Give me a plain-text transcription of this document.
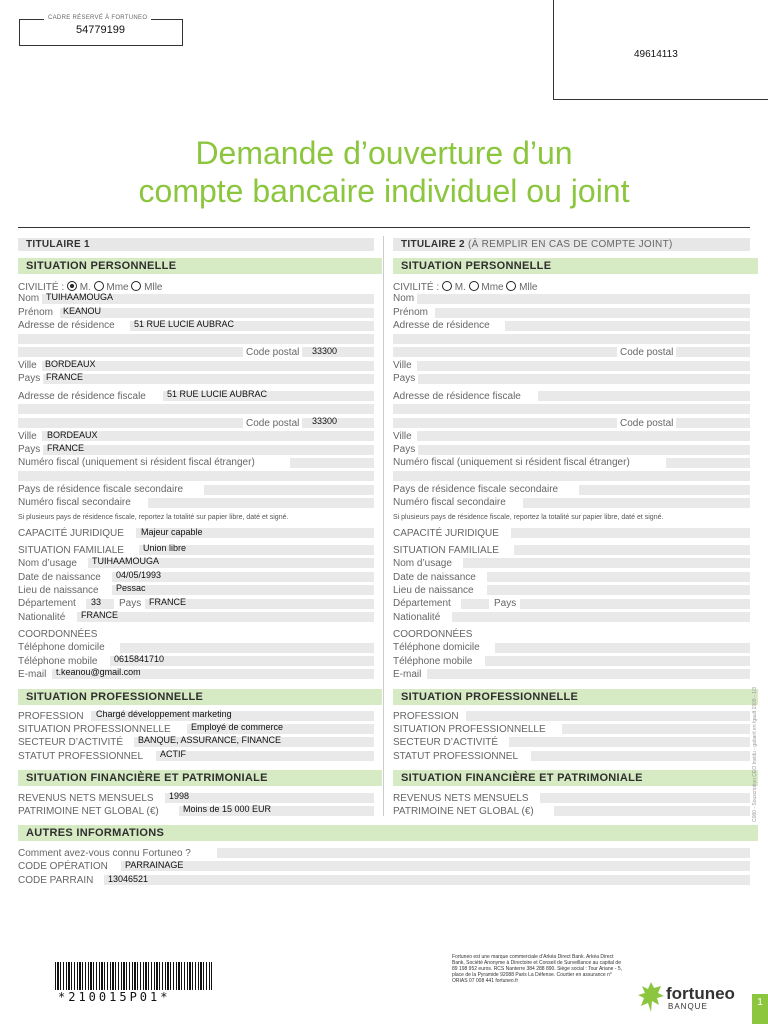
CADRE RÉSERVÉ À FORTUNEO
54779199
49614113
Demande d’ouverture d’un
compte bancaire individuel ou joint
TITULAIRE 1
SITUATION PERSONNELLE
CIVILITÉ : M. Mme Mlle
Nom TUIHAAMOUGA
Prénom	KEANOU
Adresse de résidence	51 RUE LUCIE AUBRAC
Code postal	33300
Ville BORDEAUX
Pays FRANCE
Adresse de résidence fiscale	51 RUE LUCIE AUBRAC
Code postal	33300
Ville	BORDEAUX
Pays FRANCE
Numéro fiscal (uniquement si résident fiscal étranger)
Pays de résidence fiscale secondaire
Numéro fiscal secondaire
Si plusieurs pays de résidence fiscale, reportez la totalité sur papier libre, daté et signé.
CAPACITÉ JURIDIQUE	Majeur capable
SITUATION FAMILIALE	Union libre
Nom d’usage	TUIHAAMOUGA
Date de naissance	04/05/1993
Lieu de naissance	Pessac
Département	33 Pays FRANCE
Nationalité	FRANCE
COORDONNÉES
Téléphone domicile
Téléphone mobile	0615841710
E-mail	t.keanou@gmail.com
SITUATION PROFESSIONNELLE
PROFESSION	Chargé développement marketing
SITUATION PROFESSIONNELLE	Employé de commerce
SECTEUR D’ACTIVITÉ	BANQUE, ASSURANCE, FINANCE
STATUT PROFESSIONNEL	ACTIF
SITUATION FINANCIÈRE ET PATRIMONIALE
REVENUS NETS MENSUELS	1998
PATRIMOINE NET GLOBAL (€)	Moins de 15 000 EUR
TITULAIRE 2 (À REMPLIR EN CAS DE COMPTE JOINT)
SITUATION PERSONNELLE
CIVILITÉ : M. Mme Mlle
Nom
Prénom
Adresse de résidence
Code postal
Ville
Pays
Adresse de résidence fiscale
Code postal
Ville
Pays
Numéro fiscal (uniquement si résident fiscal étranger)
Pays de résidence fiscale secondaire
Numéro fiscal secondaire
Si plusieurs pays de résidence fiscale, reportez la totalité sur papier libre, daté et signé.
CAPACITÉ JURIDIQUE
SITUATION FAMILIALE
Nom d’usage
Date de naissance
Lieu de naissance
Département	Pays
Nationalité
COORDONNÉES
Téléphone domicile
Téléphone mobile
E-mail
SITUATION PROFESSIONNELLE
PROFESSION
SITUATION PROFESSIONNELLE
SECTEUR D’ACTIVITÉ
STATUT PROFESSIONNEL
SITUATION FINANCIÈRE ET PATRIMONIALE
REVENUS NETS MENSUELS
PATRIMOINE NET GLOBAL (€)
AUTRES INFORMATIONS
Comment avez-vous connu Fortuneo ?
CODE OPÉRATION	PARRAINAGE
CODE PARRAIN	13046521
*210015P01*
Fortuneo est une marque commerciale d’Arkéa Direct Bank. Arkéa Direct Bank, Société Anonyme à Directoire et Conseil de Surveillance au capital de 89 198 952 euros. RCS Nanterre 384 288 890. Siège social : Tour Ariane - 5, place de la Pyramide 92088 Paris La Défense. Courtier en assurance n° ORIAS 07 008 441 fortuneo.fr
C080 - Souscription CEO Invidu - gabarit en fgault 1909 - 1/3
fortuneo
BANQUE	1
